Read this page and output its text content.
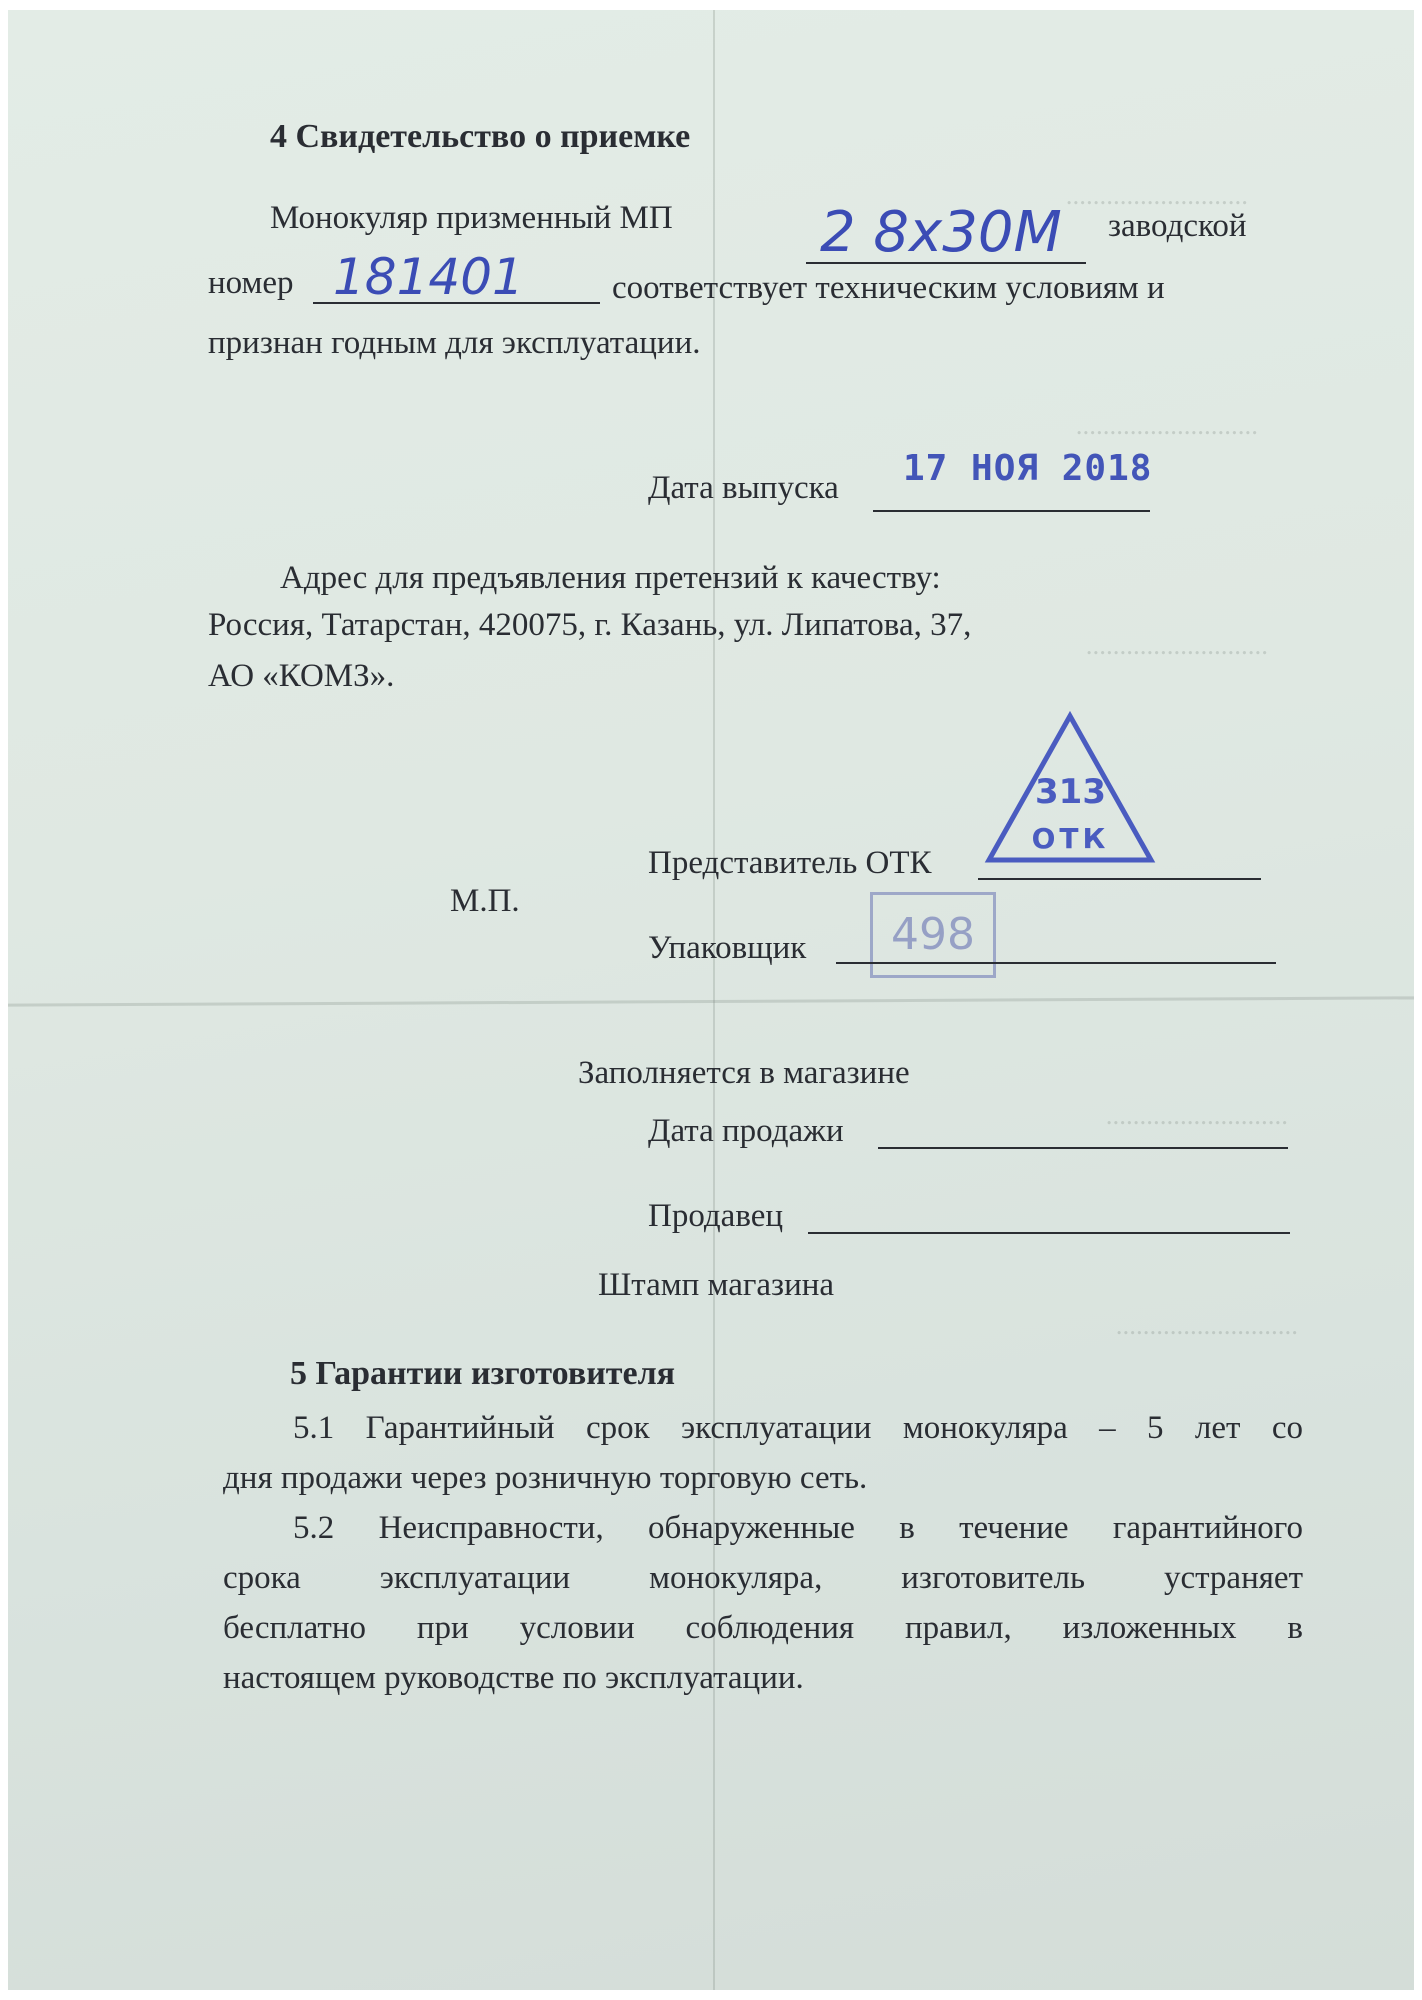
...........................
...........................
...........................
...........................
...........................
4 Свидетельство о приемке
Монокуляр призменный МП	2 8х30М заводской
номер 181401	соответствует техническим условиям и
признан годным для эксплуатации.
Дата выпуска 17 НОЯ 2018
Адрес для предъявления претензий к качеству:
Россия, Татарстан, 420075, г. Казань, ул. Липатова, 37,
АО «КОМЗ».
313
ОТК
Представитель ОТК
М.П.
498
Упаковщик
Заполняется в магазине
Дата продажи
Продавец
Штамп магазина
5 Гарантии изготовителя
5.1 Гарантийный срок эксплуатации монокуляра – 5 лет со
дня продажи через розничную торговую сеть.
5.2 Неисправности, обнаруженные в течение гарантийного
срока эксплуатации монокуляра, изготовитель устраняет
бесплатно при условии соблюдения правил, изложенных в
настоящем руководстве по эксплуатации.
